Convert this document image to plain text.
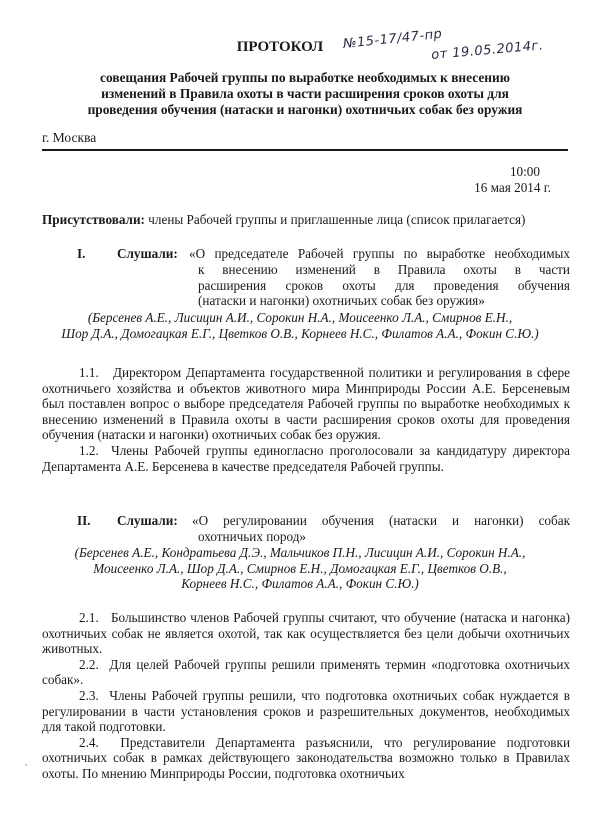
ПРОТОКОЛ	№15-17/47-пр
от 19.05.2014г.
совещания Рабочей группы по выработке необходимых к внесению
изменений в Правила охоты в части расширения сроков охоты для
проведения обучения (натаски и нагонки) охотничьих собак без оружия
г. Москва
10:00
16 мая 2014 г.
Присутствовали: члены Рабочей группы и приглашенные лица (список прилагается)
I. Слушали: «О председателе Рабочей группы по выработке необходимых
к внесению изменений в Правила охоты в части
расширения сроков охоты для проведения обучения
(натаски и нагонки) охотничьих собак без оружия»
(Берсенев А.Е., Лисицин А.И., Сорокин Н.А., Моисеенко Л.А., Смирнов Е.Н.,
Шор Д.А., Домогацкая Е.Г., Цветков О.В., Корнеев Н.С., Филатов А.А., Фокин С.Ю.)

1.1. Директором Департамента государственной политики и регулирования в сфере охотничьего хозяйства и объектов животного мира Минприроды России А.Е. Берсеневым был поставлен вопрос о выборе председателя Рабочей группы по выработке необходимых к внесению изменений в Правила охоты в части расширения сроков охоты для проведения обучения (натаски и нагонки) охотничьих собак без оружия.

1.2. Члены Рабочей группы единогласно проголосовали за кандидатуру директора Департамента А.Е. Берсенева в качестве председателя Рабочей группы.

II. Слушали: «О регулировании обучения (натаски и нагонки) собак
охотничьих пород»
(Берсенев А.Е., Кондратьева Д.Э., Мальчиков П.Н., Лисицин А.И., Сорокин Н.А.,
Моисеенко Л.А., Шор Д.А., Смирнов Е.Н., Домогацкая Е.Г., Цветков О.В.,
Корнеев Н.С., Филатов А.А., Фокин С.Ю.)

2.1. Большинство членов Рабочей группы считают, что обучение (натаска и нагонка) охотничьих собак не является охотой, так как осуществляется без цели добычи охотничьих животных.

2.2. Для целей Рабочей группы решили применять термин «подготовка охотничьих собак».

2.3. Члены Рабочей группы решили, что подготовка охотничьих собак нуждается в регулировании в части установления сроков и разрешительных документов, необходимых для такой подготовки.

2.4. Представители Департамента разъяснили, что регулирование подготовки охотничьих собак в рамках действующего законодательства возможно только в Правилах охоты. По мнению Минприроды России, подготовка охотничьих
